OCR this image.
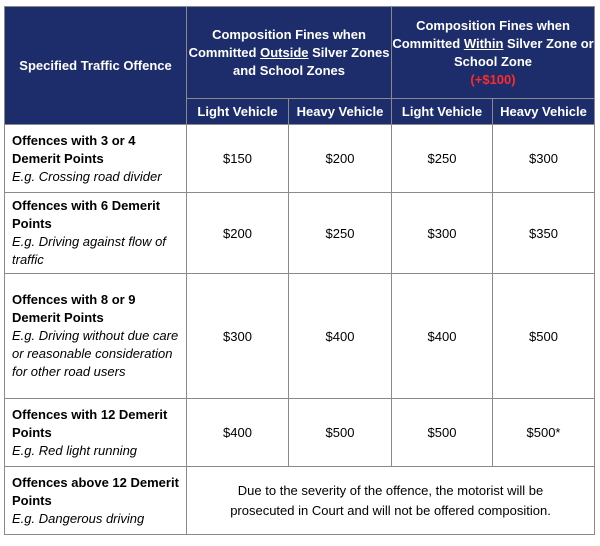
Specified Traffic Offence	Composition Fines when Committed Outside Silver Zones and School Zones		Composition Fines when Committed Within Silver Zone or School Zone
(+$100)	
	Light Vehicle	Heavy Vehicle	Light Vehicle	Heavy Vehicle

Offences with 3 or 4 Demerit Points
E.g. Crossing road divider	$150	$200	$250	$300

Offences with 6 Demerit Points
E.g. Driving against flow of traffic	$200	$250	$300	$350

Offences with 8 or 9 Demerit Points
E.g. Driving without due care or reasonable consideration for other road users	$300	$400	$400	$500

Offences with 12 Demerit Points
E.g. Red light running	$400	$500	$500	$500*

Offences above 12 Demerit Points
E.g. Dangerous driving	Due to the severity of the offence, the motorist will be prosecuted in Court and will not be offered composition.			
